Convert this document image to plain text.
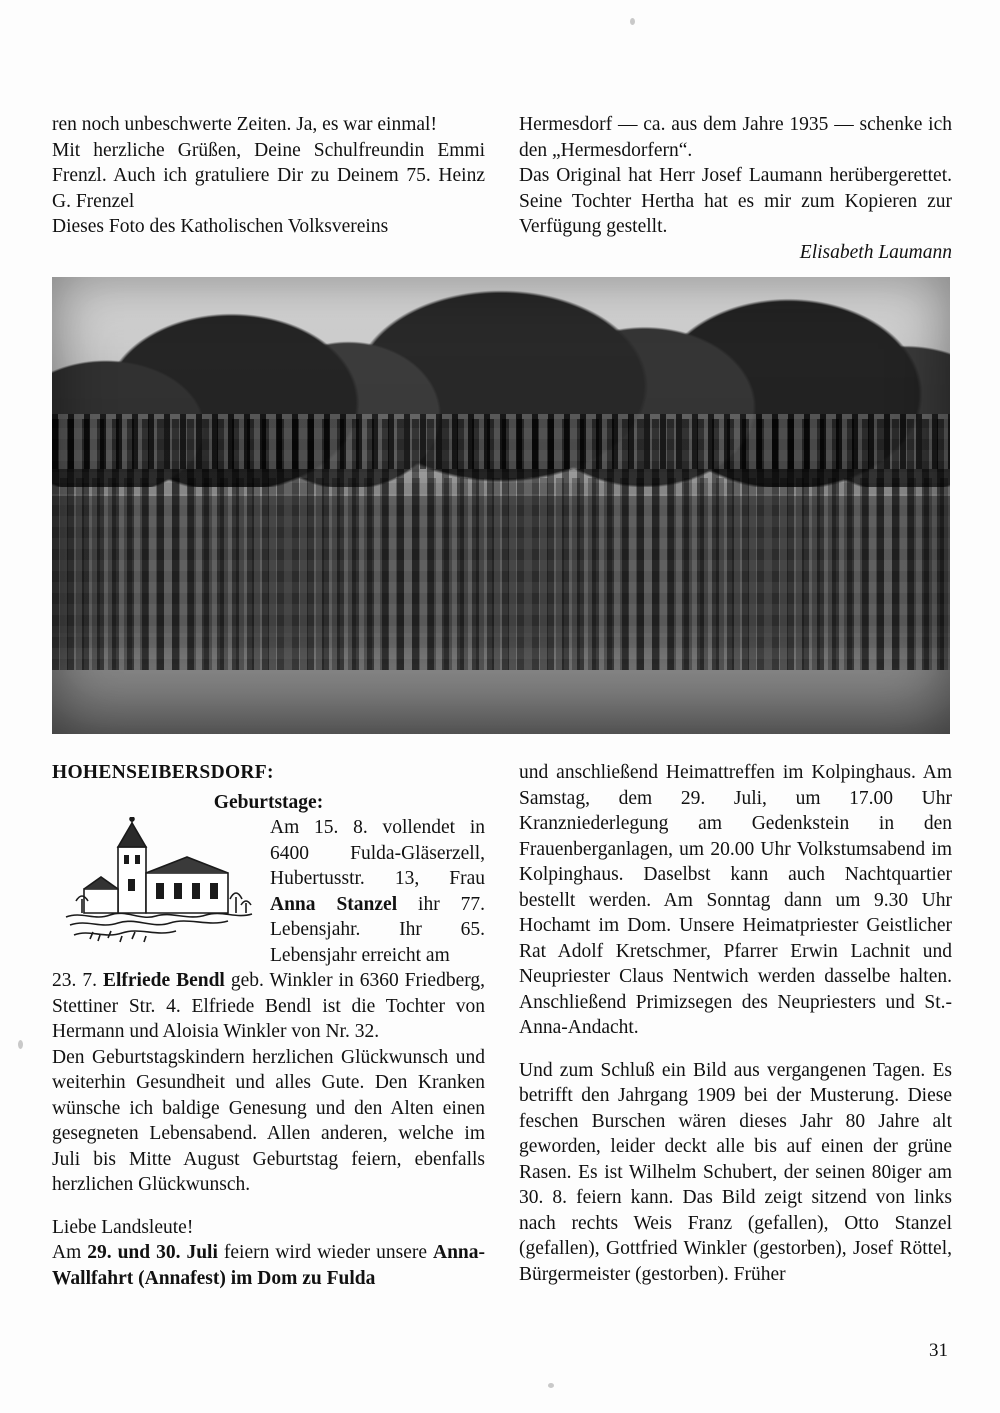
ren noch unbeschwerte Zeiten. Ja, es war einmal!

Mit herzliche Grüßen, Deine Schulfreundin Emmi Frenzl. Auch ich gratuliere Dir zu Deinem 75. Heinz G. Frenzel

Dieses Foto des Katholischen Volksvereins

Hermesdorf — ca. aus dem Jahre 1935 — schenke ich den „Hermesdorfern“.

Das Original hat Herr Josef Laumann herübergerettet. Seine Tochter Hertha hat es mir zum Kopieren zur Verfügung gestellt.

Elisabeth Laumann

HOHENSEIBERSDORF:

Geburtstage:

Am 15. 8. vollendet in 6400 Fulda-Gläserzell, Hubertusstr. 13, Frau Anna Stanzel ihr 77. Lebensjahr. Ihr 65. Lebensjahr erreicht am

23. 7. Elfriede Bendl geb. Winkler in 6360 Friedberg, Stettiner Str. 4. Elfriede Bendl ist die Tochter von Hermann und Aloisia Winkler von Nr. 32.

Den Geburtstagskindern herzlichen Glückwunsch und weiterhin Gesundheit und alles Gute. Den Kranken wünsche ich baldige Genesung und den Alten einen gesegneten Lebensabend. Allen anderen, welche im Juli bis Mitte August Geburtstag feiern, ebenfalls herzlichen Glückwunsch.

Liebe Landsleute!

Am 29. und 30. Juli feiern wird wieder unsere Anna-Wallfahrt (Annafest) im Dom zu Fulda

und anschließend Heimattreffen im Kolpinghaus. Am Samstag, dem 29. Juli, um 17.00 Uhr Kranzniederlegung am Gedenkstein in den Frauenberganlagen, um 20.00 Uhr Volkstumsabend im Kolpinghaus. Daselbst kann auch Nachtquartier bestellt werden. Am Sonntag dann um 9.30 Uhr Hochamt im Dom. Unsere Heimatpriester Geistlicher Rat Adolf Kretschmer, Pfarrer Erwin Lachnit und Neupriester Claus Nentwich werden dasselbe halten. Anschließend Primizsegen des Neupriesters und St.-Anna-Andacht.

Und zum Schluß ein Bild aus vergangenen Tagen. Es betrifft den Jahrgang 1909 bei der Musterung. Diese feschen Burschen wären dieses Jahr 80 Jahre alt geworden, leider deckt alle bis auf einen der grüne Rasen. Es ist Wilhelm Schubert, der seinen 80iger am 30. 8. feiern kann. Das Bild zeigt sitzend von links nach rechts Weis Franz (gefallen), Otto Stanzel (gefallen), Gottfried Winkler (gestorben), Josef Röttel, Bürgermeister (gestorben). Früher

31
